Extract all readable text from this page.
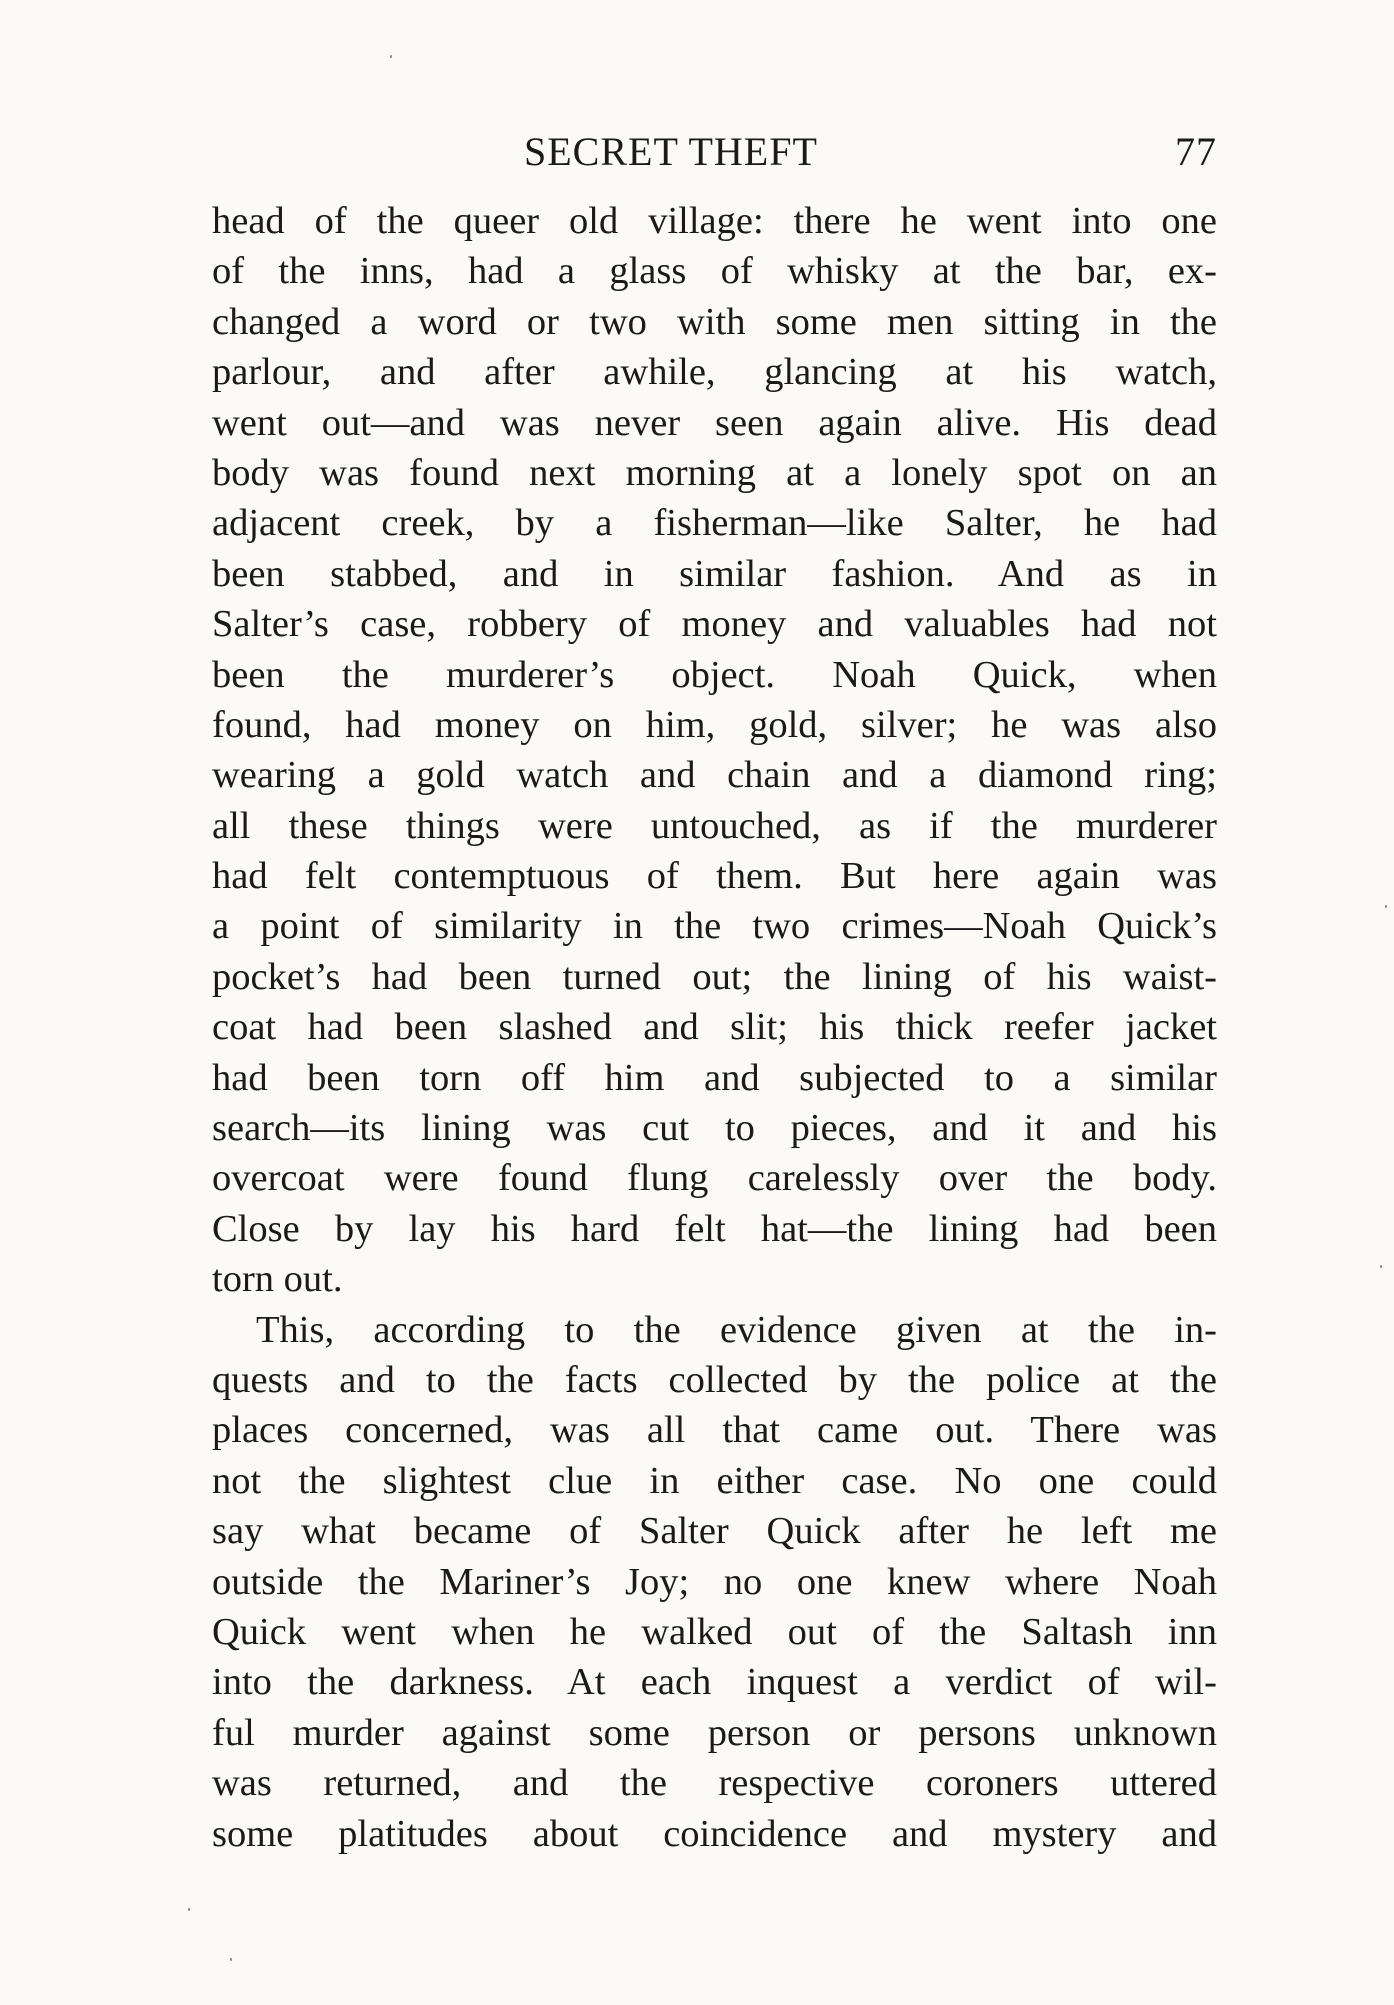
SECRET THEFT	77
head of the queer old village: there he went into one
of the inns, had a glass of whisky at the bar, ex-
changed a word or two with some men sitting in the
parlour, and after awhile, glancing at his watch,
went out—and was never seen again alive. His dead
body was found next morning at a lonely spot on an
adjacent creek, by a fisherman—like Salter, he had
been stabbed, and in similar fashion. And as in
Salter’s case, robbery of money and valuables had not
been the murderer’s object. Noah Quick, when
found, had money on him, gold, silver; he was also
wearing a gold watch and chain and a diamond ring;
all these things were untouched, as if the murderer
had felt contemptuous of them. But here again was
a point of similarity in the two crimes—Noah Quick’s
pocket’s had been turned out; the lining of his waist-
coat had been slashed and slit; his thick reefer jacket
had been torn off him and subjected to a similar
search—its lining was cut to pieces, and it and his
overcoat were found flung carelessly over the body.
Close by lay his hard felt hat—the lining had been
torn out.
This, according to the evidence given at the in-
quests and to the facts collected by the police at the
places concerned, was all that came out. There was
not the slightest clue in either case. No one could
say what became of Salter Quick after he left me
outside the Mariner’s Joy; no one knew where Noah
Quick went when he walked out of the Saltash inn
into the darkness. At each inquest a verdict of wil-
ful murder against some person or persons unknown
was returned, and the respective coroners uttered
some platitudes about coincidence and mystery and
